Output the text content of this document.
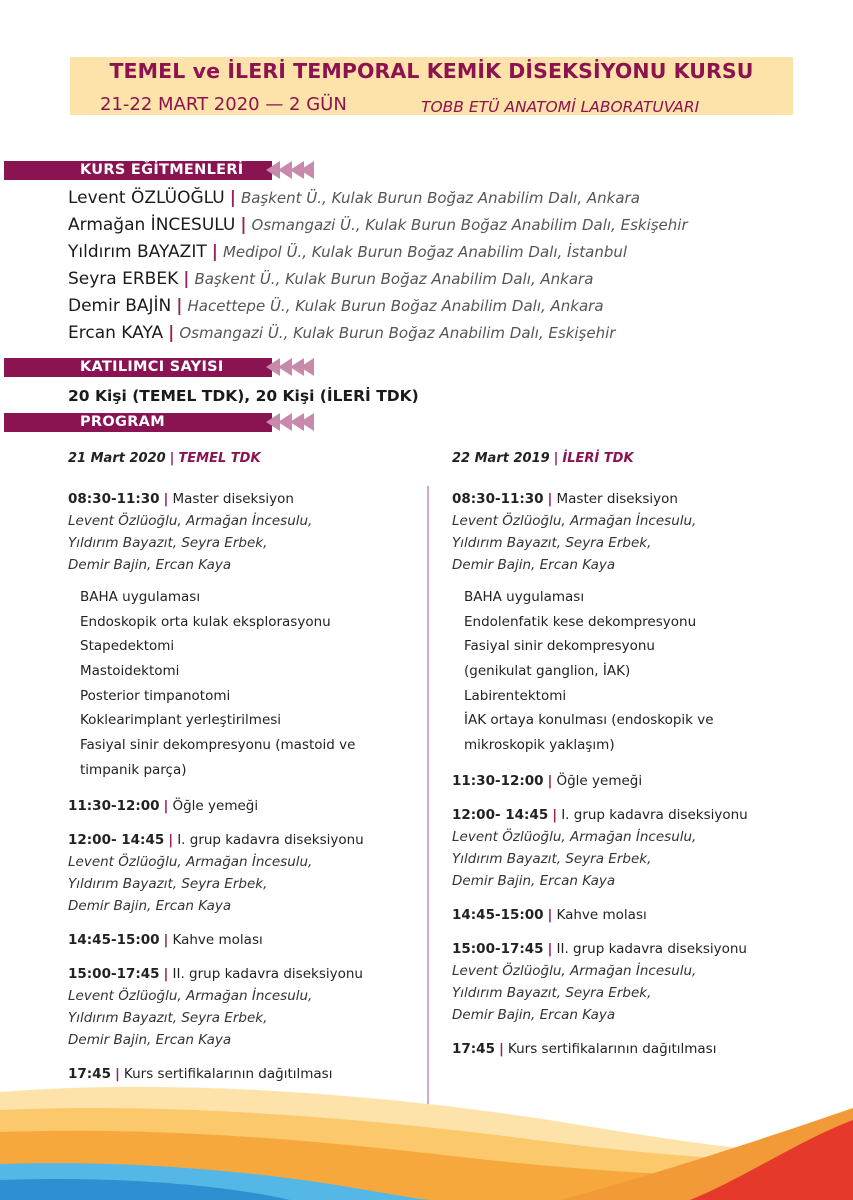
TEMEL ve İLERİ TEMPORAL KEMİK DİSEKSİYONU KURSU
21-22 MART 2020 — 2 GÜN	TOBB ETÜ ANATOMİ LABORATUVARI
KURS EĞİTMENLERİ
Levent ÖZLÜOĞLU | Başkent Ü., Kulak Burun Boğaz Anabilim Dalı, Ankara
Armağan İNCESULU | Osmangazi Ü., Kulak Burun Boğaz Anabilim Dalı, Eskişehir
Yıldırım BAYAZIT | Medipol Ü., Kulak Burun Boğaz Anabilim Dalı, İstanbul
Seyra ERBEK | Başkent Ü., Kulak Burun Boğaz Anabilim Dalı, Ankara
Demir BAJİN | Hacettepe Ü., Kulak Burun Boğaz Anabilim Dalı, Ankara
Ercan KAYA | Osmangazi Ü., Kulak Burun Boğaz Anabilim Dalı, Eskişehir
KATILIMCI SAYISI
20 Kişi (TEMEL TDK), 20 Kişi (İLERİ TDK)
PROGRAM
21 Mart 2020 | TEMEL TDK
08:30-11:30 | Master diseksiyon
Levent Özlüoğlu, Armağan İncesulu,
Yıldırım Bayazıt, Seyra Erbek,
Demir Bajin, Ercan Kaya
BAHA uygulaması
Endoskopik orta kulak eksplorasyonu
Stapedektomi
Mastoidektomi
Posterior timpanotomi
Koklearimplant yerleştirilmesi
Fasiyal sinir dekompresyonu (mastoid ve
timpanik parça)
11:30-12:00 | Öğle yemeği
12:00- 14:45 | I. grup kadavra diseksiyonu
Levent Özlüoğlu, Armağan İncesulu,
Yıldırım Bayazıt, Seyra Erbek,
Demir Bajin, Ercan Kaya
14:45-15:00 | Kahve molası
15:00-17:45 | II. grup kadavra diseksiyonu
Levent Özlüoğlu, Armağan İncesulu,
Yıldırım Bayazıt, Seyra Erbek,
Demir Bajin, Ercan Kaya
17:45 | Kurs sertifikalarının dağıtılması
22 Mart 2019 | İLERİ TDK
08:30-11:30 | Master diseksiyon
Levent Özlüoğlu, Armağan İncesulu,
Yıldırım Bayazıt, Seyra Erbek,
Demir Bajin, Ercan Kaya
BAHA uygulaması
Endolenfatik kese dekompresyonu
Fasiyal sinir dekompresyonu
(genikulat ganglion, İAK)
Labirentektomi
İAK ortaya konulması (endoskopik ve
mikroskopik yaklaşım)
11:30-12:00 | Öğle yemeği
12:00- 14:45 | I. grup kadavra diseksiyonu
Levent Özlüoğlu, Armağan İncesulu,
Yıldırım Bayazıt, Seyra Erbek,
Demir Bajin, Ercan Kaya
14:45-15:00 | Kahve molası
15:00-17:45 | II. grup kadavra diseksiyonu
Levent Özlüoğlu, Armağan İncesulu,
Yıldırım Bayazıt, Seyra Erbek,
Demir Bajin, Ercan Kaya
17:45 | Kurs sertifikalarının dağıtılması
